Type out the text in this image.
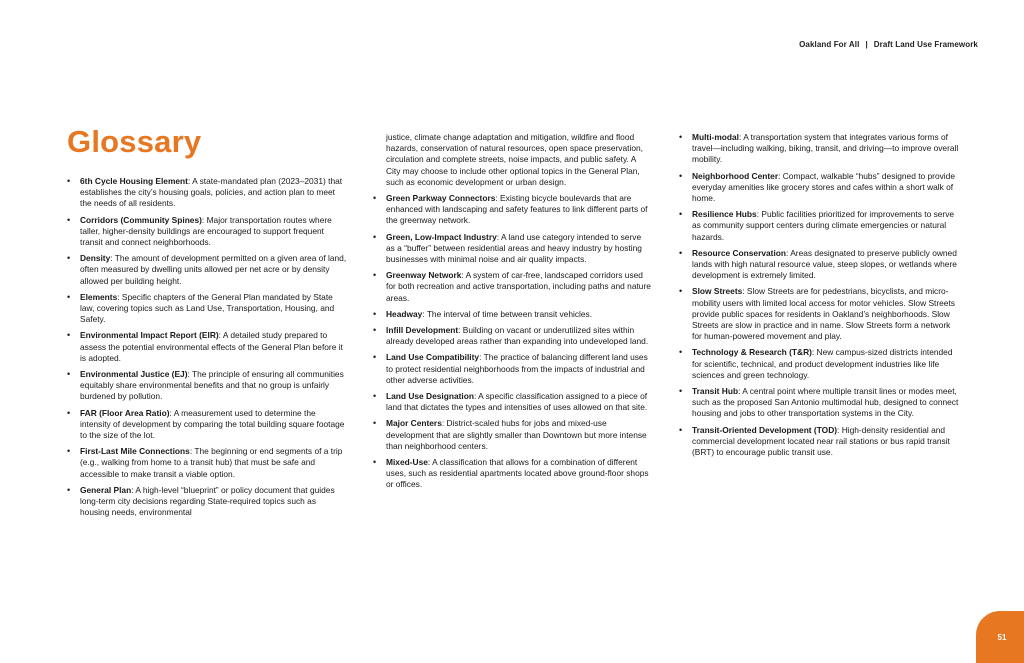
Oakland For All | Draft Land Use Framework
Glossary
• 6th Cycle Housing Element: A state-mandated plan (2023–2031) that establishes the city’s housing goals, policies, and action plan to meet the needs of all residents.
• Corridors (Community Spines): Major transportation routes where taller, higher-density buildings are encouraged to support frequent transit and connect neighborhoods.
• Density: The amount of development permitted on a given area of land, often measured by dwelling units allowed per net acre or by density allowed per building height.
• Elements: Specific chapters of the General Plan mandated by State law, covering topics such as Land Use, Transportation, Housing, and Safety.
• Environmental Impact Report (EIR): A detailed study prepared to assess the potential environmental effects of the General Plan before it is adopted.
• Environmental Justice (EJ): The principle of ensuring all communities equitably share environmental benefits and that no group is unfairly burdened by pollution.
• FAR (Floor Area Ratio): A measurement used to determine the intensity of development by comparing the total building square footage to the size of the lot.
• First-Last Mile Connections: The beginning or end segments of a trip (e.g., walking from home to a transit hub) that must be safe and accessible to make transit a viable option.
• General Plan: A high-level “blueprint” or policy document that guides long-term city decisions regarding State-required topics such as housing needs, environmental
justice, climate change adaptation and mitigation, wildfire and flood hazards, conservation of natural resources, open space preservation, circulation and complete streets, noise impacts, and public safety. A City may choose to include other optional topics in the General Plan, such as economic development or urban design.
• Green Parkway Connectors: Existing bicycle boulevards that are enhanced with landscaping and safety features to link different parts of the greenway network.
• Green, Low-Impact Industry: A land use category intended to serve as a “buffer” between residential areas and heavy industry by hosting businesses with minimal noise and air quality impacts.
• Greenway Network: A system of car-free, landscaped corridors used for both recreation and active transportation, including paths and nature areas.
• Headway: The interval of time between transit vehicles.
• Infill Development: Building on vacant or underutilized sites within already developed areas rather than expanding into undeveloped land.
• Land Use Compatibility: The practice of balancing different land uses to protect residential neighborhoods from the impacts of industrial and other adverse activities.
• Land Use Designation: A specific classification assigned to a piece of land that dictates the types and intensities of uses allowed on that site.
• Major Centers: District-scaled hubs for jobs and mixed-use development that are slightly smaller than Downtown but more intense than neighborhood centers.
• Mixed-Use: A classification that allows for a combination of different uses, such as residential apartments located above ground-floor shops or offices.
• Multi-modal: A transportation system that integrates various forms of travel—including walking, biking, transit, and driving—to improve overall mobility.
• Neighborhood Center: Compact, walkable “hubs” designed to provide everyday amenities like grocery stores and cafes within a short walk of home.
• Resilience Hubs: Public facilities prioritized for improvements to serve as community support centers during climate emergencies or natural hazards.
• Resource Conservation: Areas designated to preserve publicly owned lands with high natural resource value, steep slopes, or wetlands where development is extremely limited.
• Slow Streets: Slow Streets are for pedestrians, bicyclists, and micro-mobility users with limited local access for motor vehicles. Slow Streets provide public spaces for residents in Oakland’s neighborhoods. Slow Streets are slow in practice and in name. Slow Streets form a network for human-powered movement and play.
• Technology & Research (T&R): New campus-sized districts intended for scientific, technical, and product development industries like life sciences and green technology.
• Transit Hub: A central point where multiple transit lines or modes meet, such as the proposed San Antonio multimodal hub, designed to connect housing and jobs to other transportation systems in the City.
• Transit-Oriented Development (TOD): High-density residential and commercial development located near rail stations or bus rapid transit (BRT) to encourage public transit use.
51
